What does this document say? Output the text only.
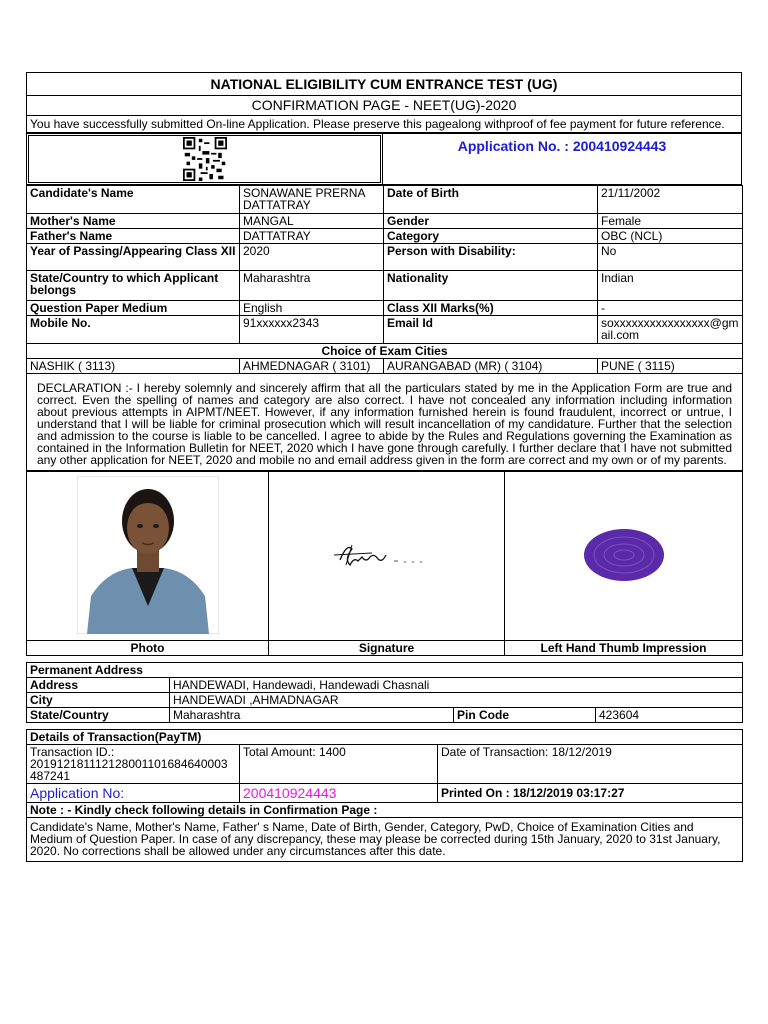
NATIONAL ELIGIBILITY CUM ENTRANCE TEST (UG)
CONFIRMATION PAGE - NEET(UG)-2020
You have successfully submitted On-line Application. Please preserve this pagealong withproof of fee payment for future reference.
	Application No. : 200410924443
Candidate's Name	SONAWANE PRERNA DATTATRAY	Date of Birth	21/11/2002
Mother's Name	MANGAL	Gender	Female
Father's Name	DATTATRAY	Category	OBC (NCL)
Year of Passing/Appearing Class XII	2020	Person with Disability:	No
State/Country to which Applicant belongs	Maharashtra	Nationality	Indian
Question Paper Medium	English	Class XII Marks(%)	-
Mobile No.	91xxxxxx2343	Email Id	soxxxxxxxxxxxxxxxx@gmail.com
Choice of Exam Cities			
NASHIK ( 3113)	AHMEDNAGAR ( 3101)	AURANGABAD (MR) ( 3104)	PUNE ( 3115)
DECLARATION :- I hereby solemnly and sincerely affirm that all the particulars stated by me in the Application Form are true and correct. Even the spelling of names and category are also correct. I have not concealed any information including information about previous attempts in AIPMT/NEET. However, if any information furnished herein is found fraudulent, incorrect or untrue, I understand that I will be liable for criminal prosecution which will result incancellation of my candidature. Further that the selection and admission to the course is liable to be cancelled. I agree to abide by the Rules and Regulations governing the Examination as contained in the Information Bulletin for NEET, 2020 which I have gone through carefully. I further declare that I have not submitted any other application for NEET, 2020 and mobile no and email address given in the form are correct and my own or of my parents.			

Photo	Signature	Left Hand Thumb Impression
Permanent Address			
Address	HANDEWADI, Handewadi, Handewadi Chasnali		
City	HANDEWADI ,AHMADNAGAR		
State/Country	Maharashtra	Pin Code	423604
Details of Transaction(PayTM)		

Transaction ID.:
201912181112128001101684640003 487241	Total Amount: 1400	Date of Transaction: 18/12/2019
Application No:	200410924443	Printed On : 18/12/2019 03:17:27
Note : - Kindly check following details in Confirmation Page :		
Candidate's Name, Mother's Name, Father' s Name, Date of Birth, Gender, Category, PwD, Choice of Examination Cities and Medium of Question Paper. In case of any discrepancy, these may please be corrected during 15th January, 2020 to 31st January, 2020. No corrections shall be allowed under any circumstances after this date.		
